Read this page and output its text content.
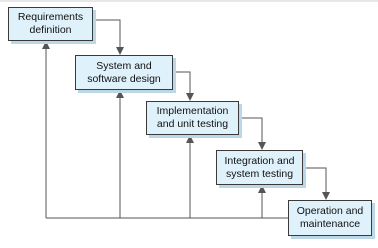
Requirements
definition
System and
software design
Implementation
and unit testing
Integration and
system testing
Operation and
maintenance
